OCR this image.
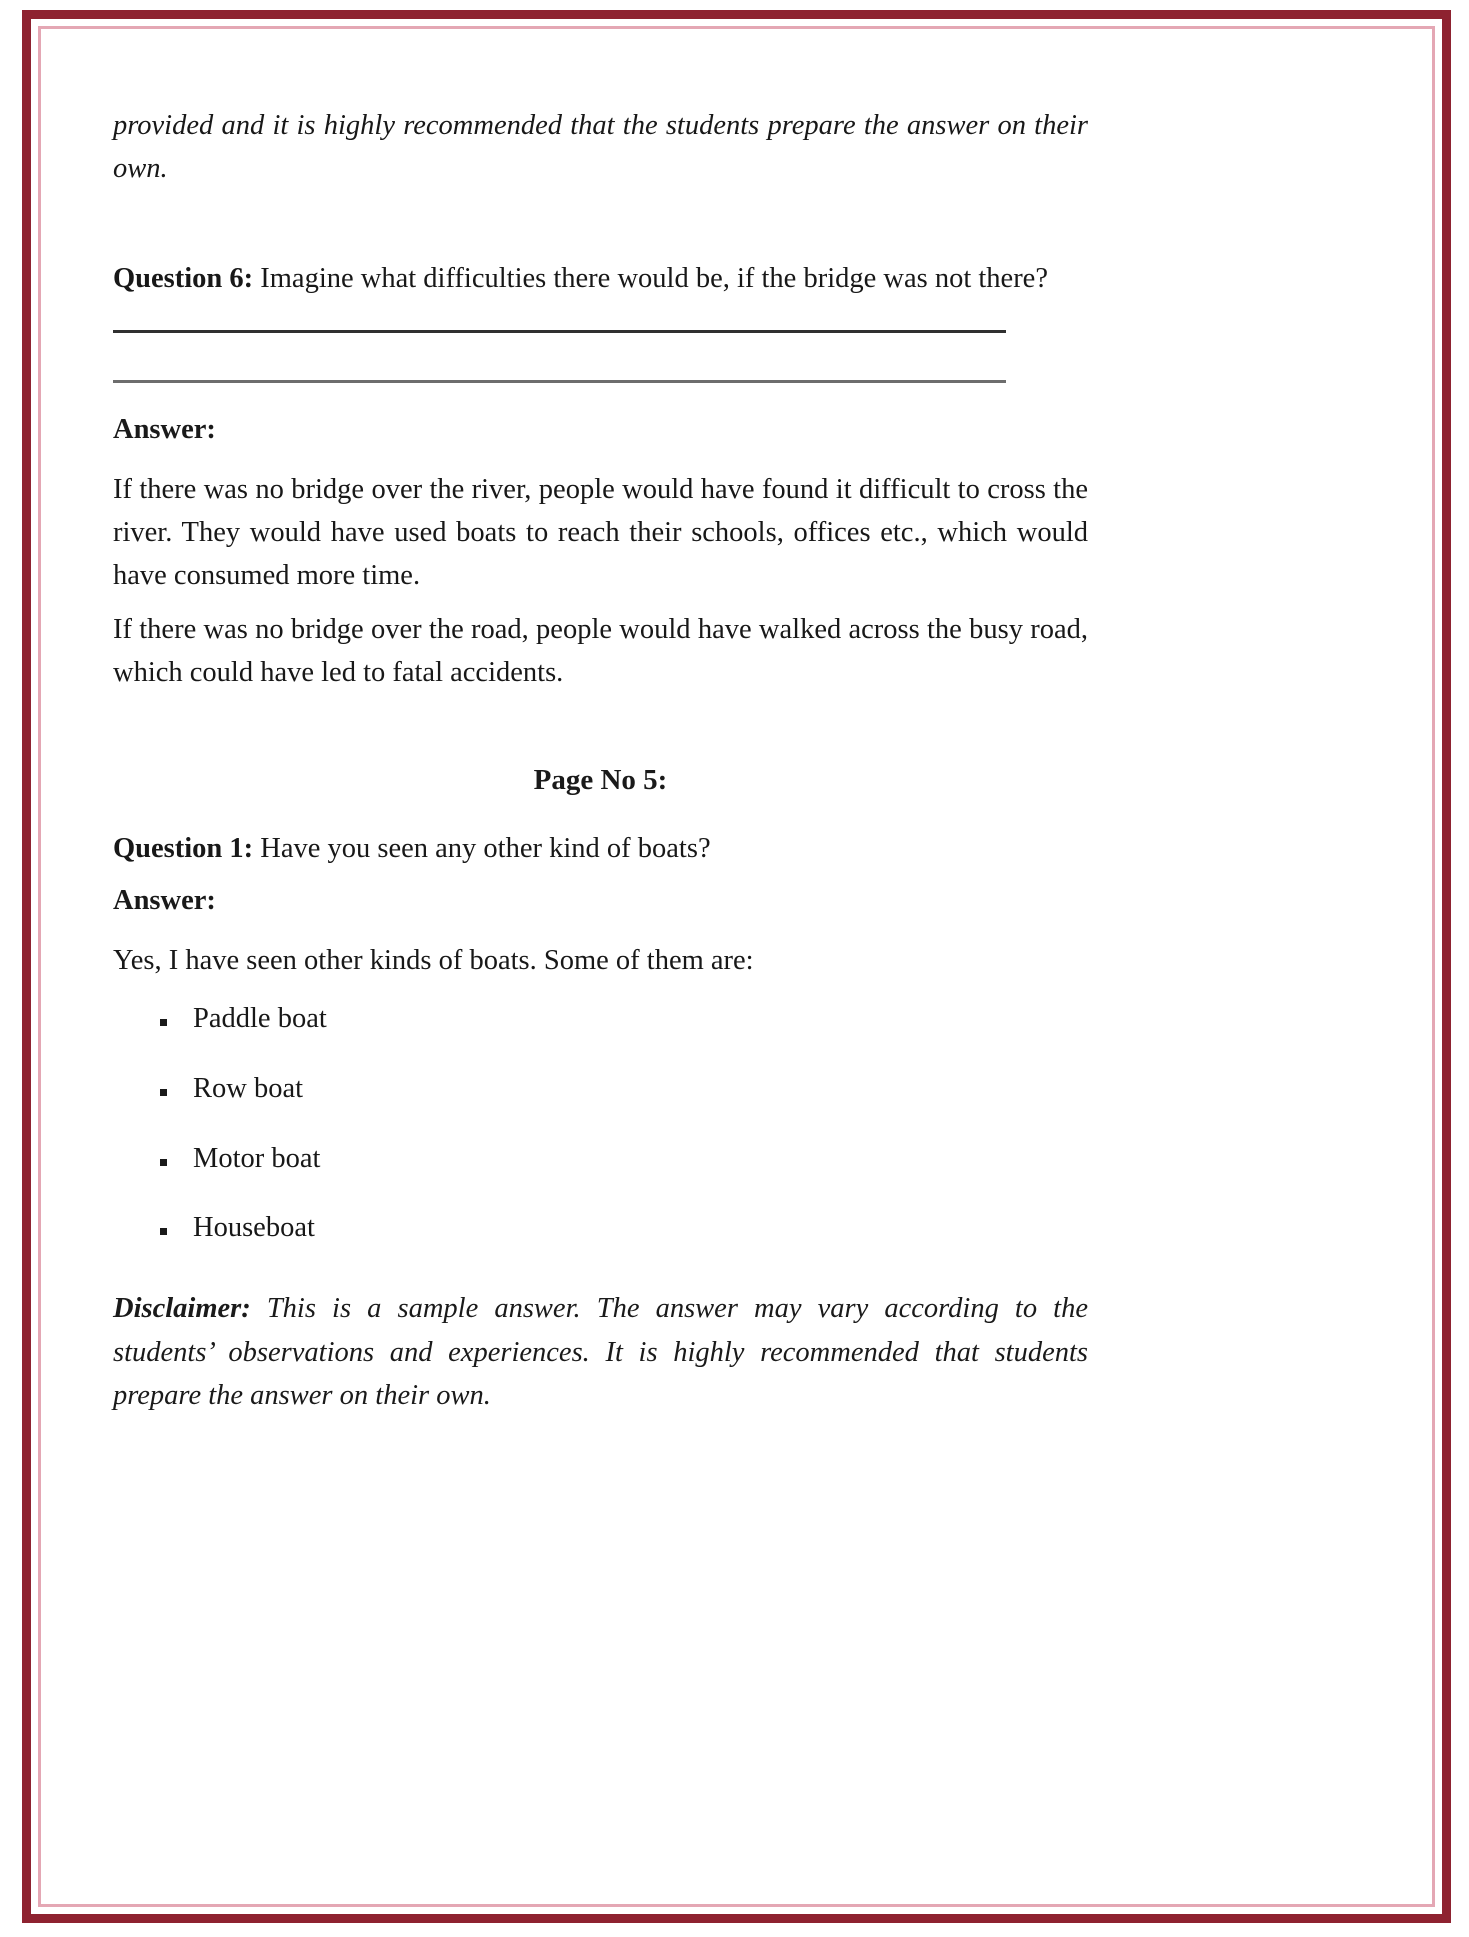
provided and it is highly recommended that the students prepare the answer on their own.

Question 6: Imagine what difficulties there would be, if the bridge was not there?

Answer:

If there was no bridge over the river, people would have found it difficult to cross the river. They would have used boats to reach their schools, offices etc., which would have consumed more time.

If there was no bridge over the road, people would have walked across the busy road, which could have led to fatal accidents.

Page No 5:

Question 1: Have you seen any other kind of boats?

Answer:

Yes, I have seen other kinds of boats. Some of them are:

Paddle boat
Row boat
Motor boat
Houseboat

Disclaimer: This is a sample answer. The answer may vary according to the students’ observations and experiences. It is highly recommended that students prepare the answer on their own.
